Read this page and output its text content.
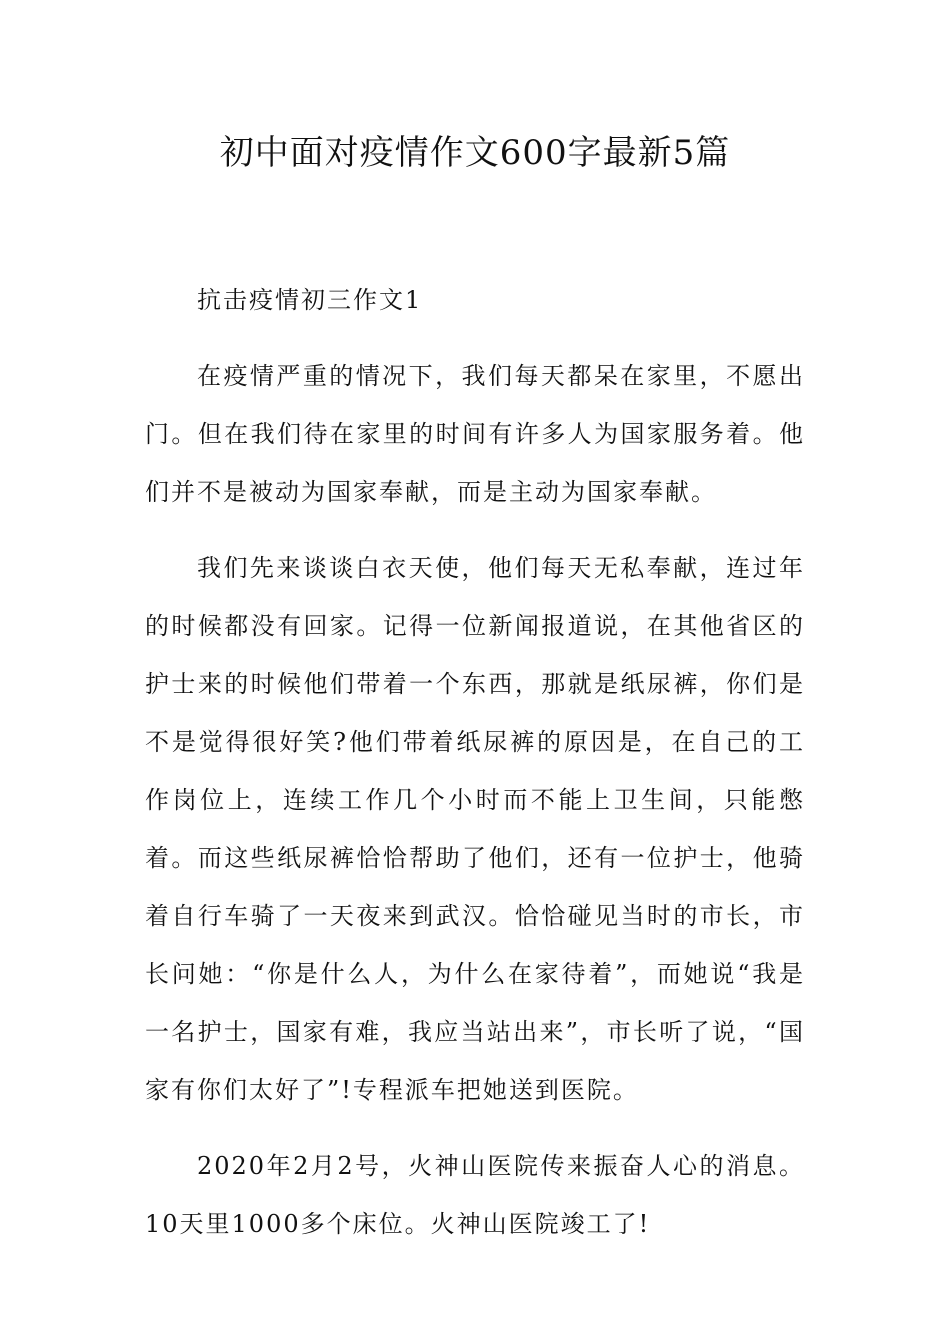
初中面对疫情作文600字最新5篇

抗击疫情初三作文1

在疫情严重的情况下，我们每天都呆在家里，不愿出门。但在我们待在家里的时间有许多人为国家服务着。他们并不是被动为国家奉献，而是主动为国家奉献。

我们先来谈谈白衣天使，他们每天无私奉献，连过年的时候都没有回家。记得一位新闻报道说，在其他省区的护士来的时候他们带着一个东西，那就是纸尿裤，你们是不是觉得很好笑?他们带着纸尿裤的原因是，在自己的工作岗位上，连续工作几个小时而不能上卫生间，只能憋着。而这些纸尿裤恰恰帮助了他们，还有一位护士，他骑着自行车骑了一天夜来到武汉。恰恰碰见当时的市长，市长问她：“你是什么人，为什么在家待着”，而她说“我是一名护士，国家有难，我应当站出来”，市长听了说，“国家有你们太好了”!专程派车把她送到医院。

2020年2月2号，火神山医院传来振奋人心的消息。10天里1000多个床位。火神山医院竣工了!
